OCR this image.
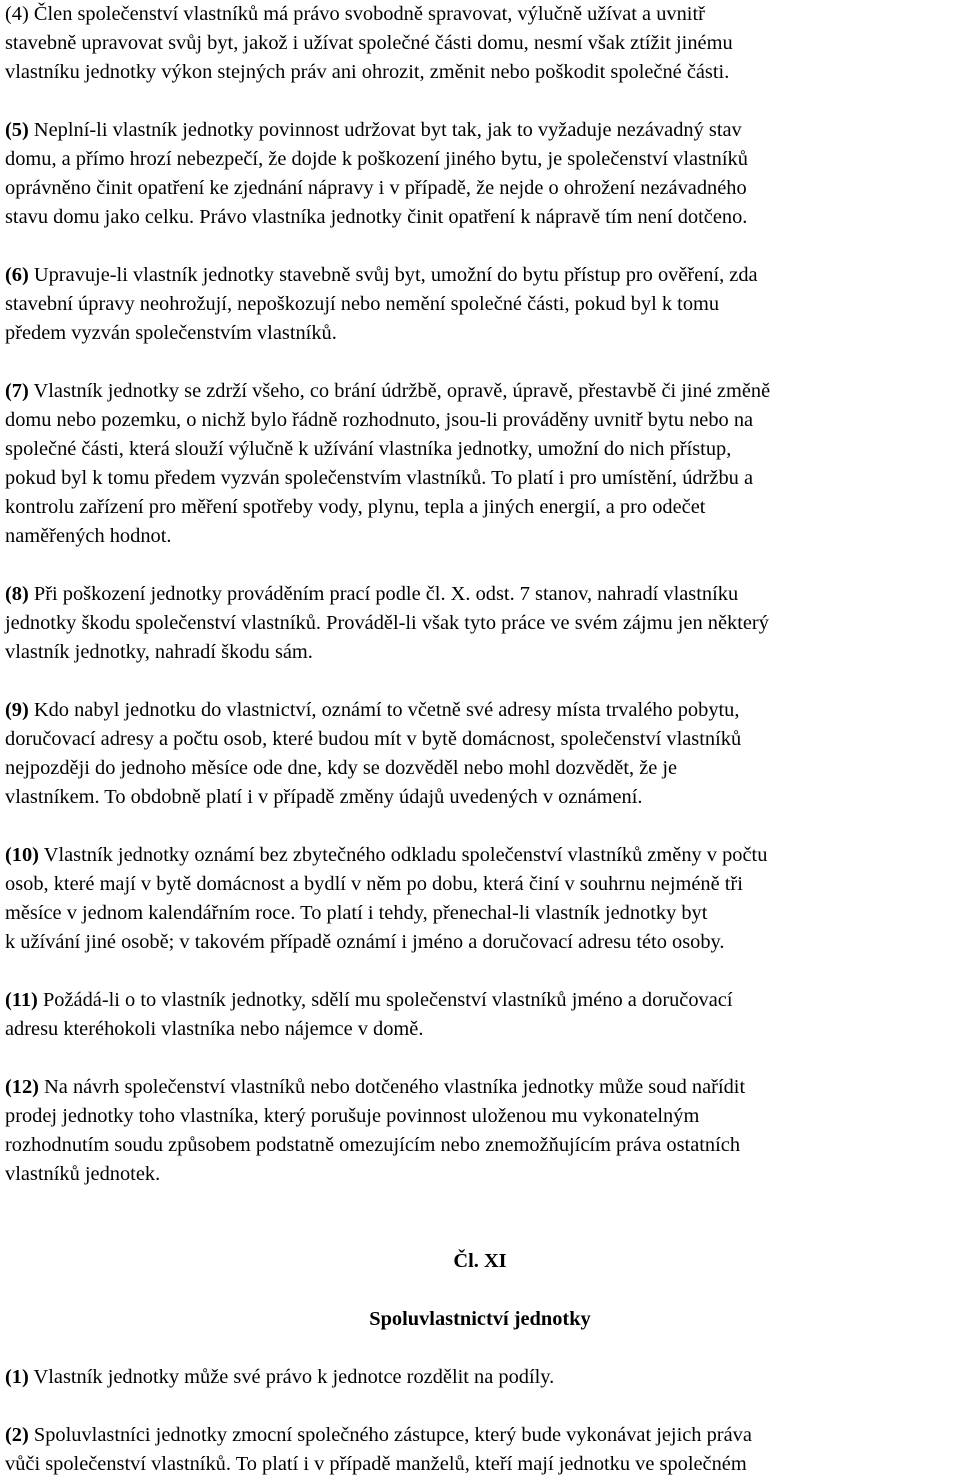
(4) Člen společenství vlastníků má právo svobodně spravovat, výlučně užívat a uvnitř
stavebně upravovat svůj byt, jakož i užívat společné části domu, nesmí však ztížit jinému
vlastníku jednotky výkon stejných práv ani ohrozit, změnit nebo poškodit společné části.

(5) Neplní-li vlastník jednotky povinnost udržovat byt tak, jak to vyžaduje nezávadný stav
domu, a přímo hrozí nebezpečí, že dojde k poškození jiného bytu, je společenství vlastníků
oprávněno činit opatření ke zjednání nápravy i v případě, že nejde o ohrožení nezávadného
stavu domu jako celku. Právo vlastníka jednotky činit opatření k nápravě tím není dotčeno.

(6) Upravuje-li vlastník jednotky stavebně svůj byt, umožní do bytu přístup pro ověření, zda
stavební úpravy neohrožují, nepoškozují nebo nemění společné části, pokud byl k tomu
předem vyzván společenstvím vlastníků.

(7) Vlastník jednotky se zdrží všeho, co brání údržbě, opravě, úpravě, přestavbě či jiné změně
domu nebo pozemku, o nichž bylo řádně rozhodnuto, jsou-li prováděny uvnitř bytu nebo na
společné části, která slouží výlučně k užívání vlastníka jednotky, umožní do nich přístup,
pokud byl k tomu předem vyzván společenstvím vlastníků. To platí i pro umístění, údržbu a
kontrolu zařízení pro měření spotřeby vody, plynu, tepla a jiných energií, a pro odečet
naměřených hodnot.

(8) Při poškození jednotky prováděním prací podle čl. X. odst. 7 stanov, nahradí vlastníku
jednotky škodu společenství vlastníků. Prováděl-li však tyto práce ve svém zájmu jen některý
vlastník jednotky, nahradí škodu sám.

(9) Kdo nabyl jednotku do vlastnictví, oznámí to včetně své adresy místa trvalého pobytu,
doručovací adresy a počtu osob, které budou mít v bytě domácnost, společenství vlastníků
nejpozději do jednoho měsíce ode dne, kdy se dozvěděl nebo mohl dozvědět, že je
vlastníkem. To obdobně platí i v případě změny údajů uvedených v oznámení.

(10) Vlastník jednotky oznámí bez zbytečného odkladu společenství vlastníků změny v počtu
osob, které mají v bytě domácnost a bydlí v něm po dobu, která činí v souhrnu nejméně tři
měsíce v jednom kalendářním roce. To platí i tehdy, přenechal-li vlastník jednotky byt
k užívání jiné osobě; v takovém případě oznámí i jméno a doručovací adresu této osoby.

(11) Požádá-li o to vlastník jednotky, sdělí mu společenství vlastníků jméno a doručovací
adresu kteréhokoli vlastníka nebo nájemce v domě.

(12) Na návrh společenství vlastníků nebo dotčeného vlastníka jednotky může soud nařídit
prodej jednotky toho vlastníka, který porušuje povinnost uloženou mu vykonatelným
rozhodnutím soudu způsobem podstatně omezujícím nebo znemožňujícím práva ostatních
vlastníků jednotek.

Čl. XI

Spoluvlastnictví jednotky

(1) Vlastník jednotky může své právo k jednotce rozdělit na podíly.

(2) Spoluvlastníci jednotky zmocní společného zástupce, který bude vykonávat jejich práva
vůči společenství vlastníků. To platí i v případě manželů, kteří mají jednotku ve společném
